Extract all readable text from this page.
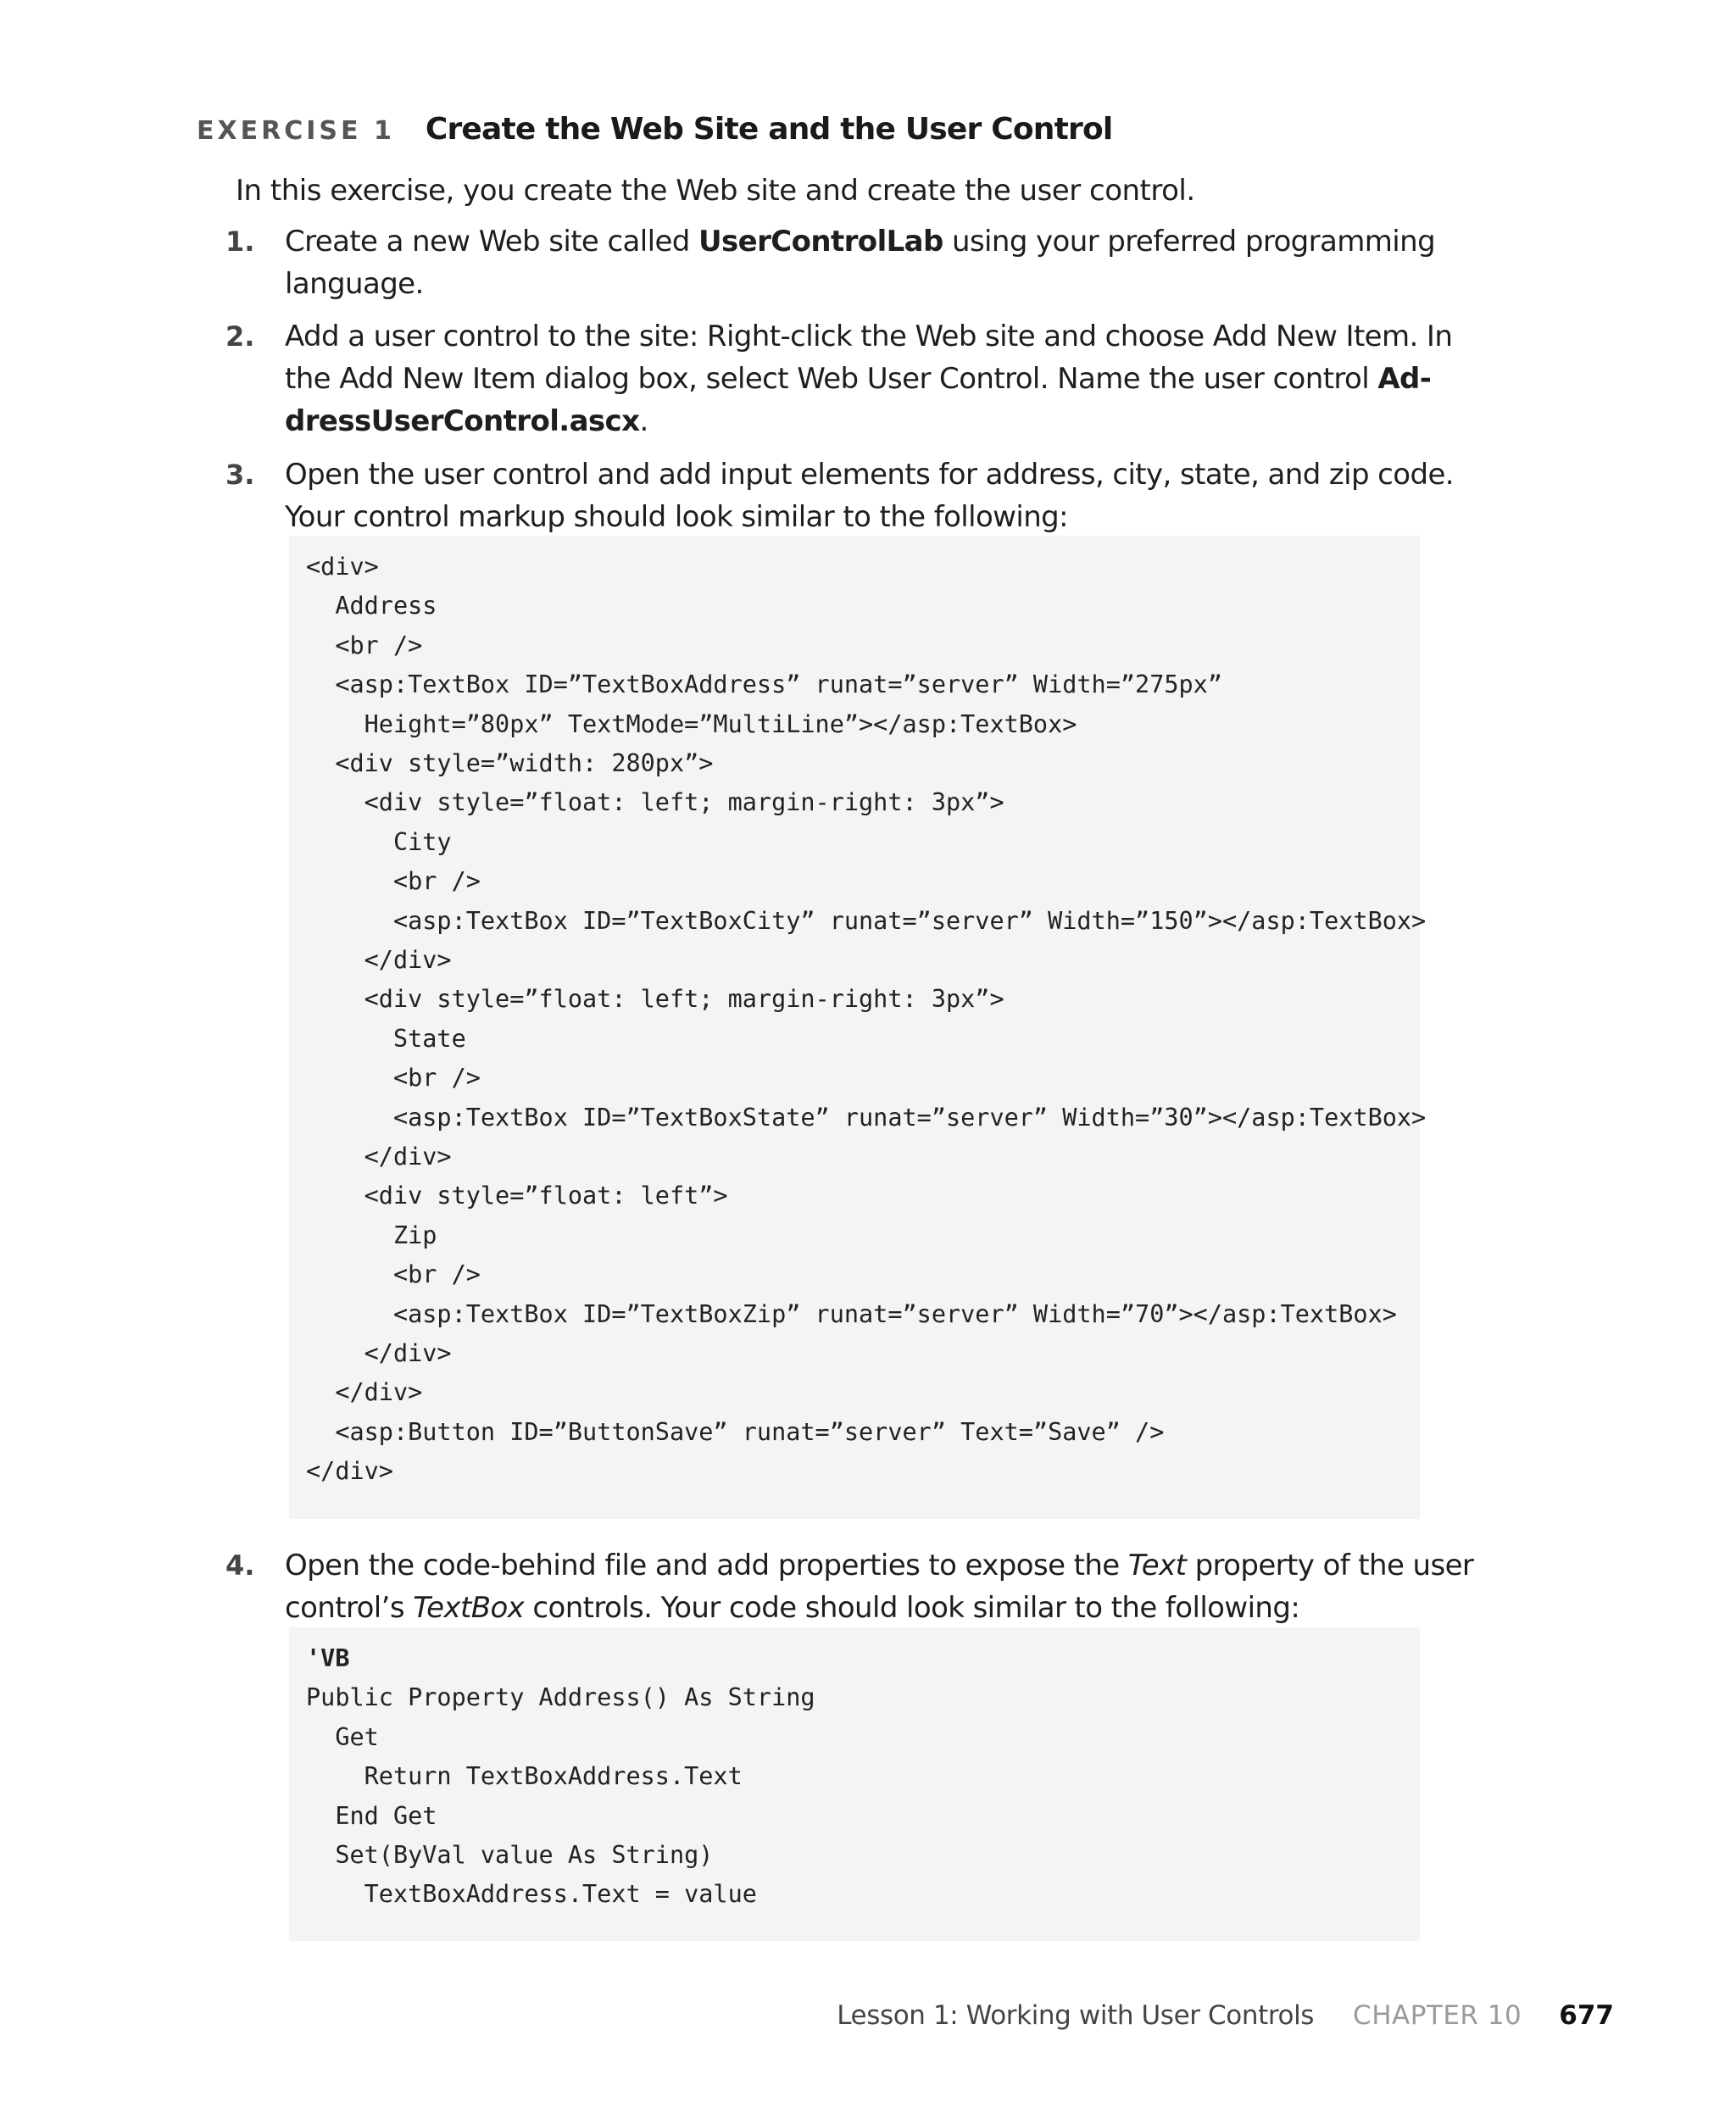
EXERCISE 1 Create the Web Site and the User Control
In this exercise, you create the Web site and create the user control.
1. Create a new Web site called UserControlLab using your preferred programming
language.
2. Add a user control to the site: Right-click the Web site and choose Add New Item. In
the Add New Item dialog box, select Web User Control. Name the user control Ad-
dressUserControl.ascx.
3. Open the user control and add input elements for address, city, state, and zip code.
Your control markup should look similar to the following:
<div>
Address
<br />
<asp:TextBox ID=”TextBoxAddress” runat=”server” Width=”275px”
Height=”80px” TextMode=”MultiLine”></asp:TextBox>
<div style=”width: 280px”>
<div style=”float: left; margin-right: 3px”>
City
<br />
<asp:TextBox ID=”TextBoxCity” runat=”server” Width=”150”></asp:TextBox>
</div>
<div style=”float: left; margin-right: 3px”>
State
<br />
<asp:TextBox ID=”TextBoxState” runat=”server” Width=”30”></asp:TextBox>
</div>
<div style=”float: left”>
Zip
<br />
<asp:TextBox ID=”TextBoxZip” runat=”server” Width=”70”></asp:TextBox>
</div>
</div>
<asp:Button ID=”ButtonSave” runat=”server” Text=”Save” />
</div>
4. Open the code-behind file and add properties to expose the Text property of the user
control’s TextBox controls. Your code should look similar to the following:
'VB
Public Property Address() As String
Get
Return TextBoxAddress.Text
End Get
Set(ByVal value As String)
TextBoxAddress.Text = value
Lesson 1: Working with User Controls CHAPTER 10 677
